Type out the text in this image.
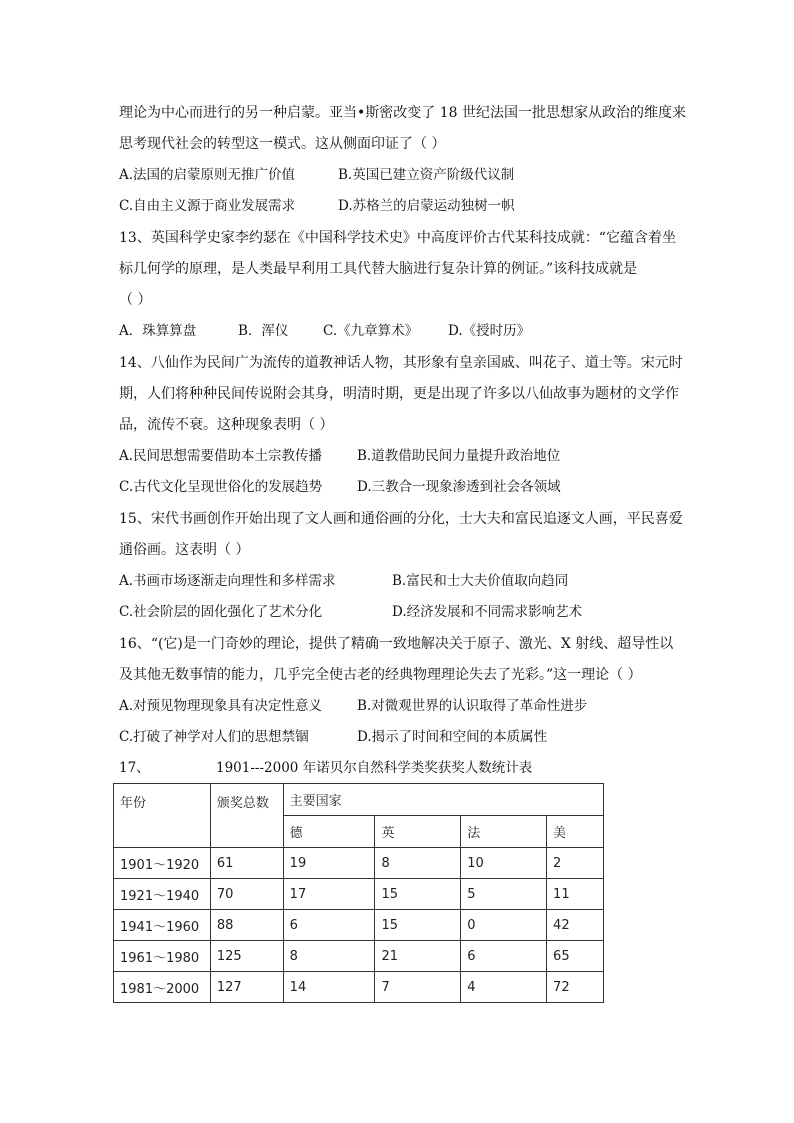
理论为中心而进行的另一种启蒙。亚当•斯密改变了 18 世纪法国一批思想家从政治的维度来
思考现代社会的转型这一模式。这从侧面印证了（ ）
A.法国的启蒙原则无推广价值	B.英国已建立资产阶级代议制
C.自由主义源于商业发展需求	D.苏格兰的启蒙运动独树一帜
13、英国科学史家李约瑟在《中国科学技术史》中高度评价古代某科技成就：“它蕴含着坐
标几何学的原理，是人类最早利用工具代替大脑进行复杂计算的例证。”该科技成就是
（ ）
A．珠算算盘	B．浑仪	C.《九章算术》 D.《授时历》
14、八仙作为民间广为流传的道教神话人物，其形象有皇亲国戚、叫花子、道士等。宋元时
期，人们将种种民间传说附会其身，明清时期，更是出现了许多以八仙故事为题材的文学作
品，流传不衰。这种现象表明（ ）
A.民间思想需要借助本土宗教传播	B.道教借助民间力量提升政治地位
C.古代文化呈现世俗化的发展趋势	D.三教合一现象渗透到社会各领域
15、宋代书画创作开始出现了文人画和通俗画的分化，士大夫和富民追逐文人画，平民喜爱
通俗画。这表明（ ）
A.书画市场逐渐走向理性和多样需求	B.富民和士大夫价值取向趋同
C.社会阶层的固化强化了艺术分化	D.经济发展和不同需求影响艺术
16、“(它)是一门奇妙的理论，提供了精确一致地解决关于原子、激光、X 射线、超导性以
及其他无数事情的能力，几乎完全使古老的经典物理理论失去了光彩。”这一理论（ ）
A.对预见物理现象具有决定性意义	B.对微观世界的认识取得了革命性进步
C.打破了神学对人们的思想禁锢	D.揭示了时间和空间的本质属性
17、	1901---2000 年诺贝尔自然科学类奖获奖人数统计表
年份	颁奖总数	主要国家			
		德	英	法	美
1901～1920	61	19	8	10	2
1921～1940	70	17	15	5	11
1941～1960	88	6	15	0	42
1961～1980	125	8	21	6	65
1981～2000	127	14	7	4	72
